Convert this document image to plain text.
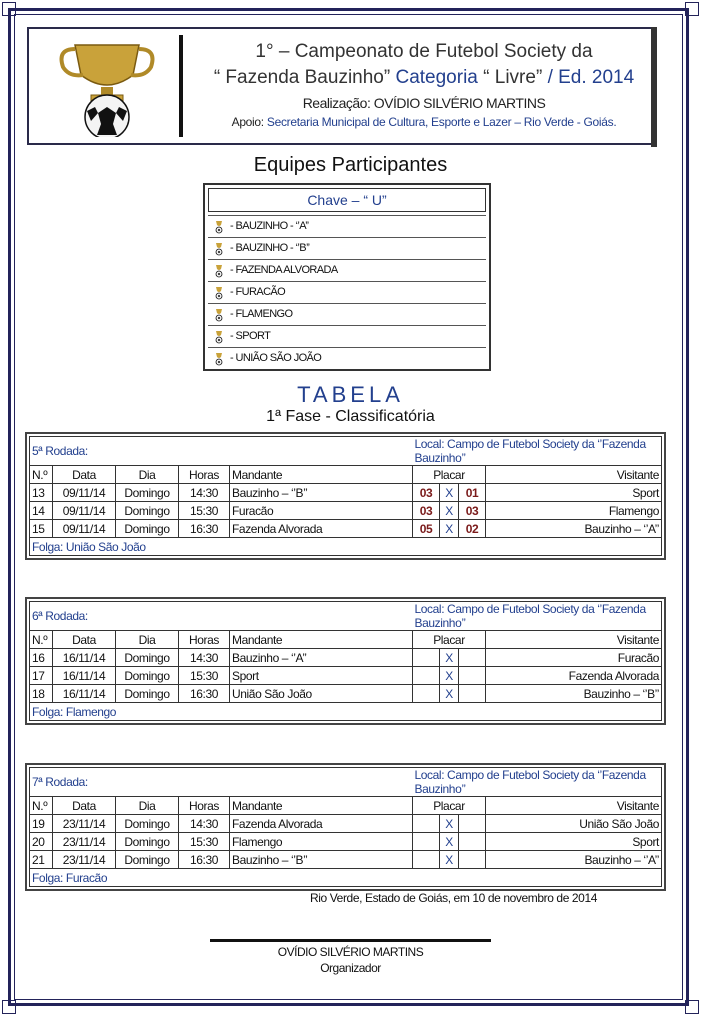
1° – Campeonato de Futebol Society da
“ Fazenda Bauzinho” Categoria “ Livre” / Ed. 2014
Realização: OVÍDIO SILVÉRIO MARTINS
Apoio: Secretaria Municipal de Cultura, Esporte e Lazer – Rio Verde - Goiás.
Equipes Participantes
Chave – “ U”
- BAUZINHO - ‘’A’’
- BAUZINHO - ‘’B’’
- FAZENDA ALVORADA
- FURACÃO
- FLAMENGO
- SPORT
- UNIÃO SÃO JOÃO
TABELA
1ª Fase - Classificatória
5ª Rodada:					Local: Campo de Futebol Society da ‘’Fazenda Bauzinho’’			
N.º	Data	Dia	Horas	Mandante	Placar			Visitante
13	09/11/14	Domingo	14:30	Bauzinho – ‘’B’’	03	X	01	Sport
14	09/11/14	Domingo	15:30	Furacão	03	X	03	Flamengo
15	09/11/14	Domingo	16:30	Fazenda Alvorada	05	X	02	Bauzinho – ‘’A’’
Folga: União São João								
6ª Rodada:					Local: Campo de Futebol Society da ‘’Fazenda Bauzinho’’			
N.º	Data	Dia	Horas	Mandante	Placar			Visitante
16	16/11/14	Domingo	14:30	Bauzinho – ‘’A’’		X		Furacão
17	16/11/14	Domingo	15:30	Sport		X		Fazenda Alvorada
18	16/11/14	Domingo	16:30	União São João		X		Bauzinho – ‘’B’’
Folga: Flamengo								
7ª Rodada:					Local: Campo de Futebol Society da ‘’Fazenda Bauzinho’’			
N.º	Data	Dia	Horas	Mandante	Placar			Visitante
19	23/11/14	Domingo	14:30	Fazenda Alvorada		X		União São João
20	23/11/14	Domingo	15:30	Flamengo		X		Sport
21	23/11/14	Domingo	16:30	Bauzinho – ‘’B’’		X		Bauzinho – ‘’A’’
Folga: Furacão								
Rio Verde, Estado de Goiás, em 10 de novembro de 2014
OVÍDIO SILVÉRIO MARTINS
Organizador
